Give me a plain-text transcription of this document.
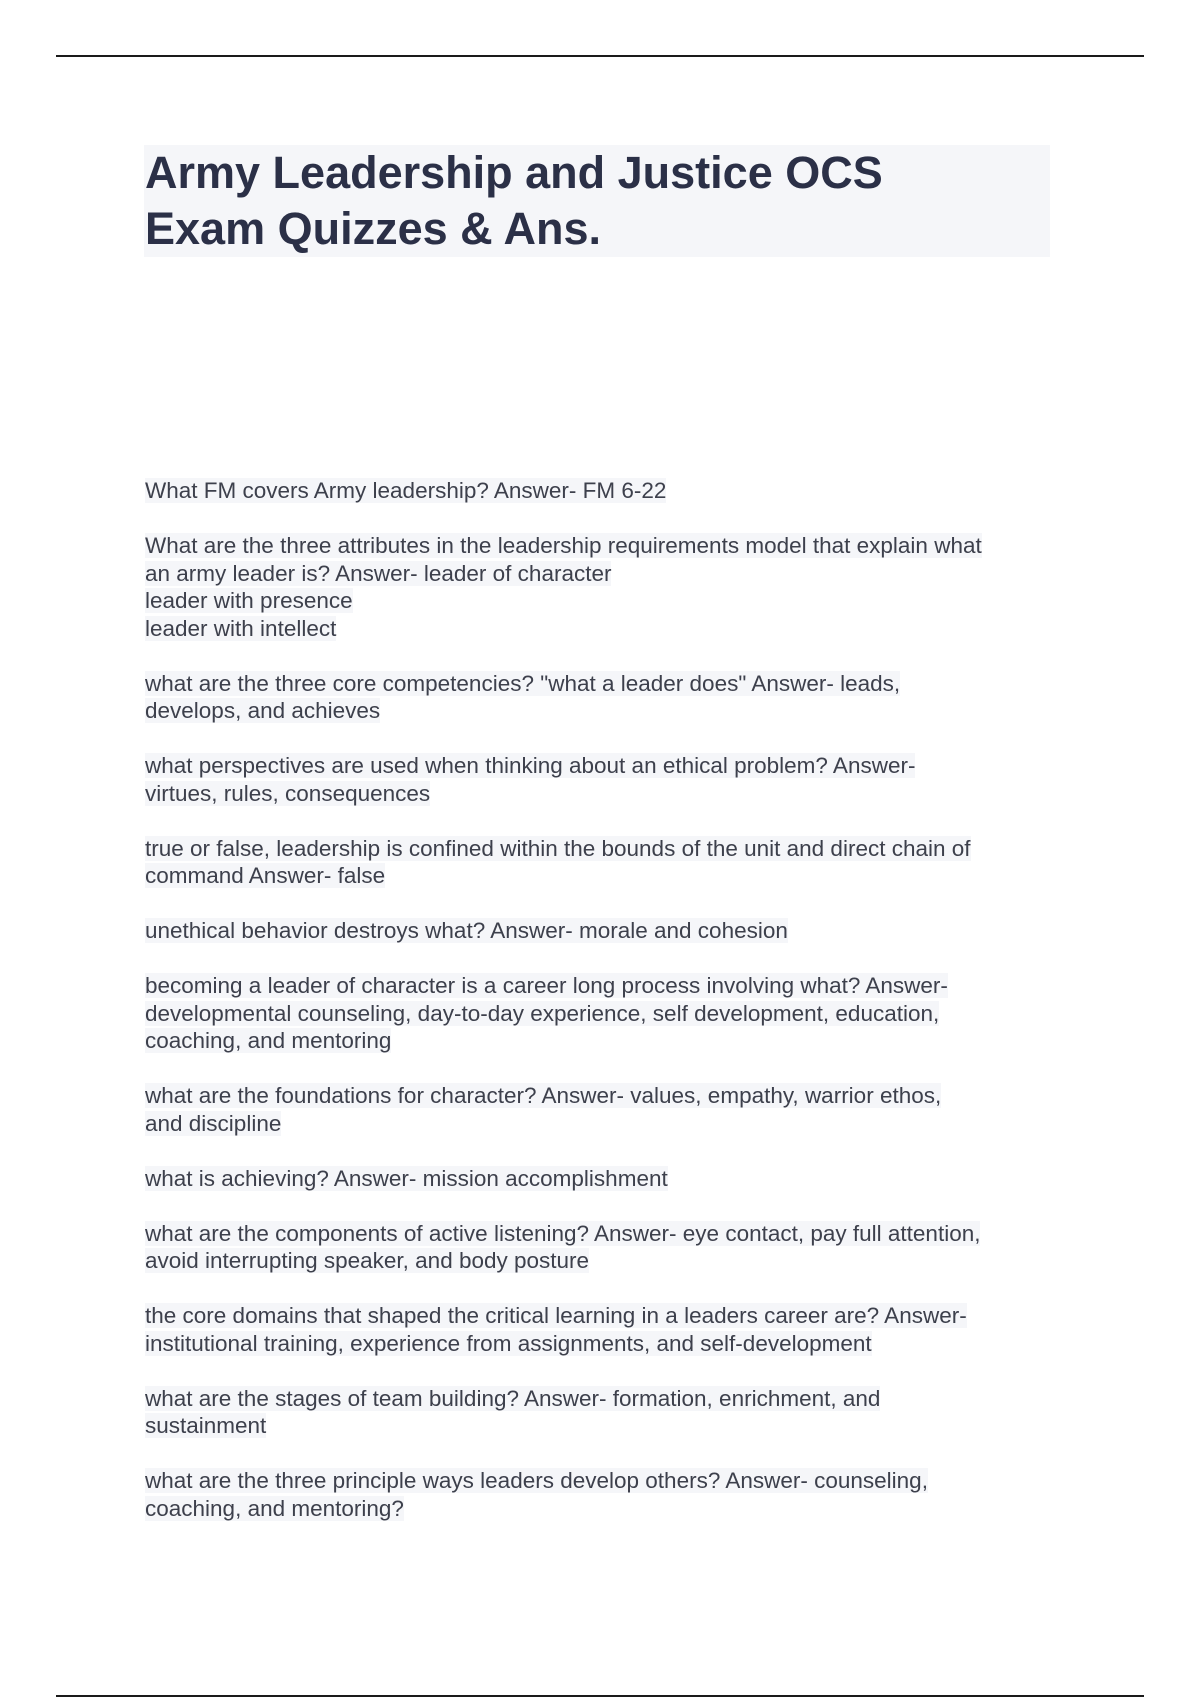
Army Leadership and Justice OCS
Exam Quizzes & Ans.
What FM covers Army leadership? Answer- FM 6-22
What are the three attributes in the leadership requirements model that explain what
an army leader is? Answer- leader of character
leader with presence
leader with intellect
what are the three core competencies? "what a leader does" Answer- leads,
develops, and achieves
what perspectives are used when thinking about an ethical problem? Answer-
virtues, rules, consequences
true or false, leadership is confined within the bounds of the unit and direct chain of
command Answer- false
unethical behavior destroys what? Answer- morale and cohesion
becoming a leader of character is a career long process involving what? Answer-
developmental counseling, day-to-day experience, self development, education,
coaching, and mentoring
what are the foundations for character? Answer- values, empathy, warrior ethos,
and discipline
what is achieving? Answer- mission accomplishment
what are the components of active listening? Answer- eye contact, pay full attention,
avoid interrupting speaker, and body posture
the core domains that shaped the critical learning in a leaders career are? Answer-
institutional training, experience from assignments, and self-development
what are the stages of team building? Answer- formation, enrichment, and
sustainment
what are the three principle ways leaders develop others? Answer- counseling,
coaching, and mentoring?
